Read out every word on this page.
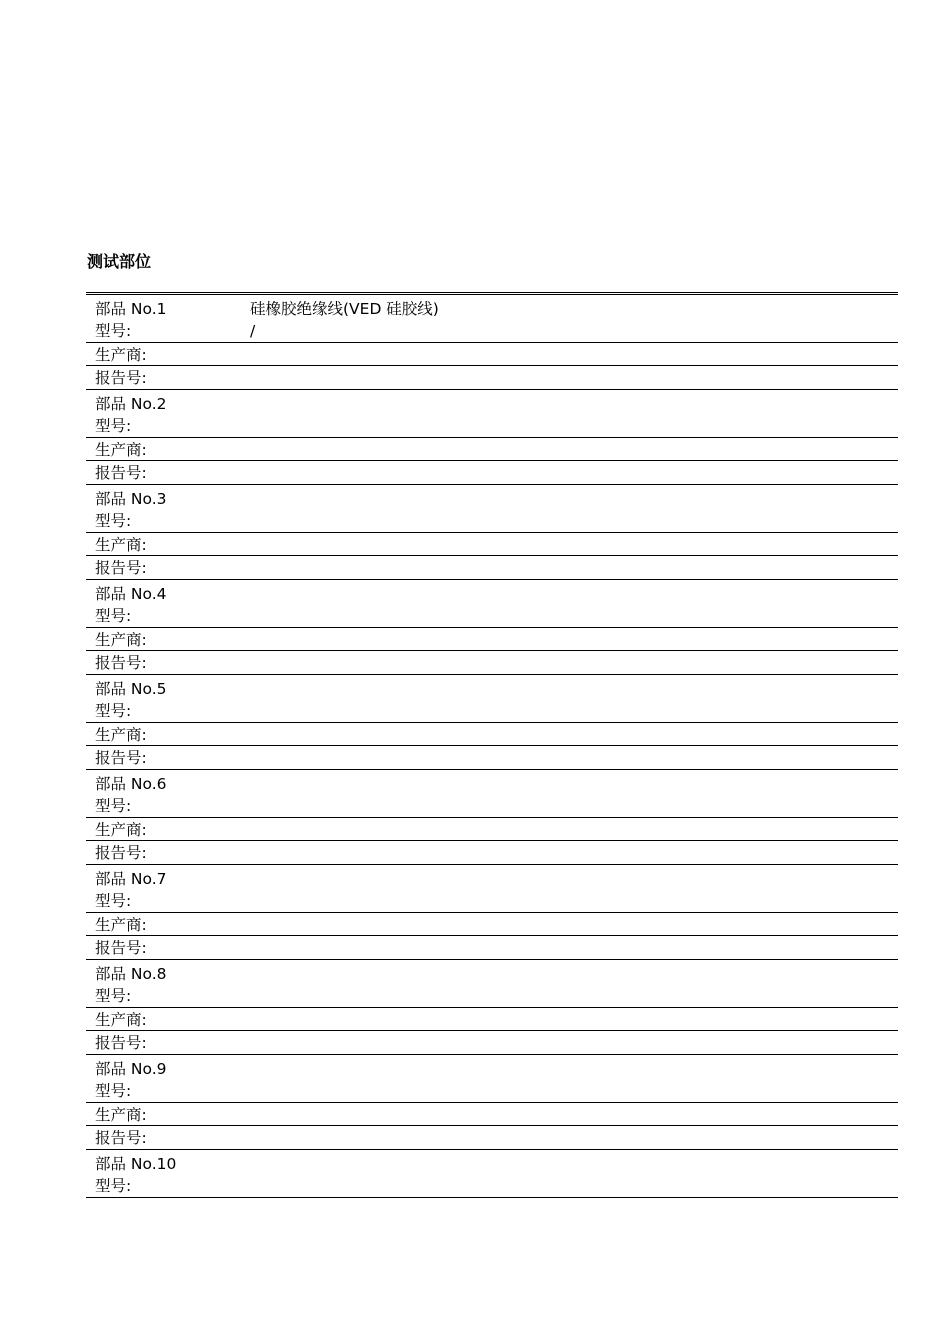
测试部位
部品 No.1
型号:
硅橡胶绝缘线(VED 硅胶线)
/
生产商:
报告号:
部品 No.2
型号:
生产商:
报告号:
部品 No.3
型号:
生产商:
报告号:
部品 No.4
型号:
生产商:
报告号:
部品 No.5
型号:
生产商:
报告号:
部品 No.6
型号:
生产商:
报告号:
部品 No.7
型号:
生产商:
报告号:
部品 No.8
型号:
生产商:
报告号:
部品 No.9
型号:
生产商:
报告号:
部品 No.10
型号:
